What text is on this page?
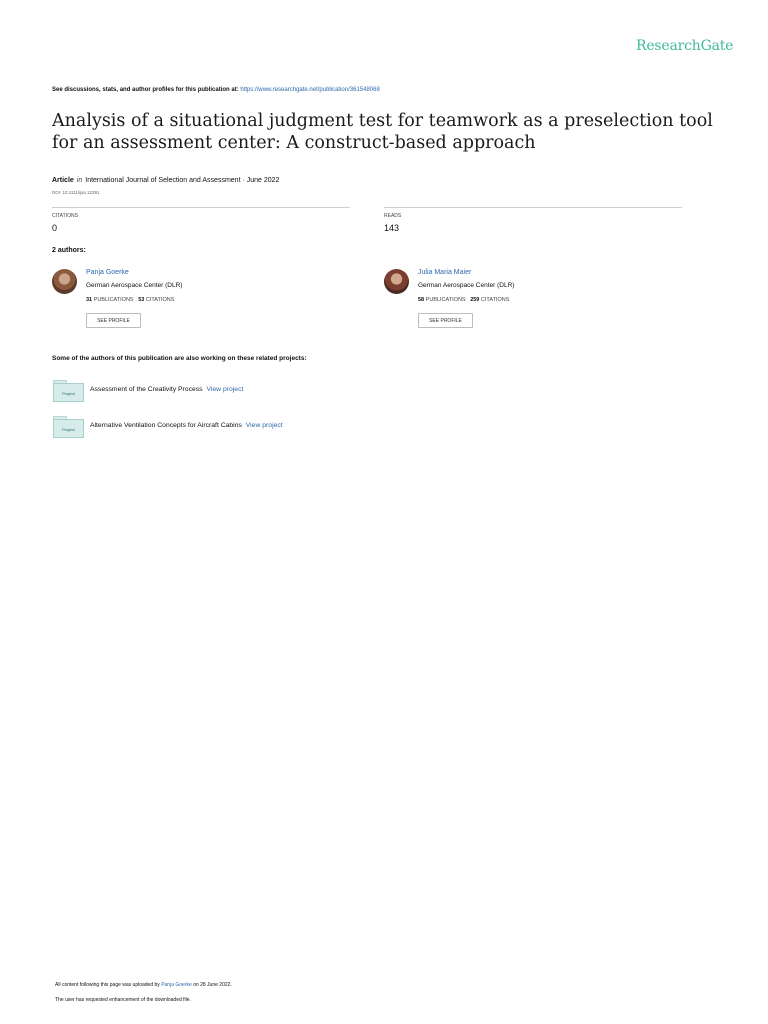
ResearchGate
See discussions, stats, and author profiles for this publication at: https://www.researchgate.net/publication/361548068
Analysis of a situational judgment test for teamwork as a preselection tool for an assessment center: A construct-based approach
Article in International Journal of Selection and Assessment · June 2022
DOI: 10.1111/ijsa.12391
CITATIONS
0
READS
143
2 authors:
Panja Goerke
German Aerospace Center (DLR)
31 PUBLICATIONS 53 CITATIONS
SEE PROFILE
Julia Maria Maier
German Aerospace Center (DLR)
58 PUBLICATIONS 259 CITATIONS
SEE PROFILE
Some of the authors of this publication are also working on these related projects:
Project
Assessment of the Creativity Process View project
Project
Alternative Ventilation Concepts for Aircraft Cabins View project
All content following this page was uploaded by Panja Goerke on 28 June 2022.
The user has requested enhancement of the downloaded file.
